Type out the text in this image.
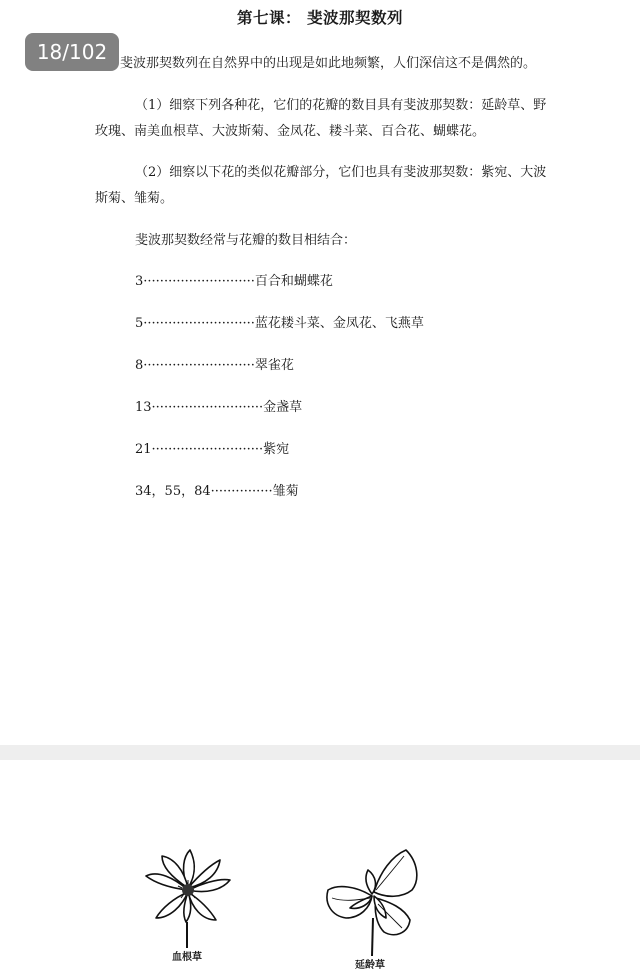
第七课： 斐波那契数列

斐波那契数列在自然界中的出现是如此地频繁，人们深信这不是偶然的。

（1）细察下列各种花，它们的花瓣的数目具有斐波那契数：延龄草、野玫瑰、南美血根草、大波斯菊、金凤花、耧斗菜、百合花、蝴蝶花。

（2）细察以下花的类似花瓣部分，它们也具有斐波那契数：紫宛、大波斯菊、雏菊。

斐波那契数经常与花瓣的数目相结合：

3···························百合和蝴蝶花
5···························蓝花耧斗菜、金凤花、飞燕草
8···························翠雀花
13···························金盏草
21···························紫宛
34，55，84···············雏菊
18/102
血根草
延龄草
